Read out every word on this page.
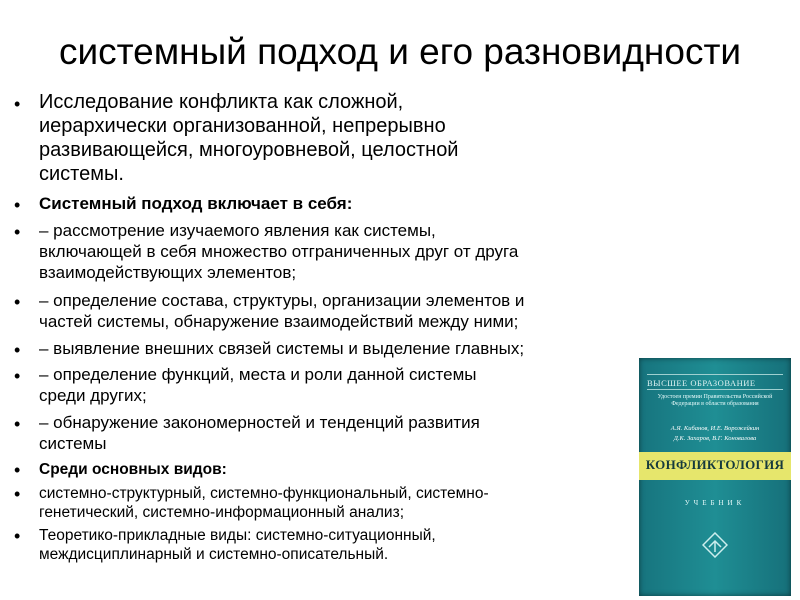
системный подход и его разновидности
• Исследование конфликта как сложной,
иерархически организованной, непрерывно
развивающейся, многоуровневой, целостной
системы.
• Системный подход включает в себя:
• – рассмотрение изучаемого явления как системы,
включающей в себя множество отграниченных друг от друга
взаимодействующих элементов;
• – определение состава, структуры, организации элементов и
частей системы, обнаружение взаимодействий между ними;
• – выявление внешних связей системы и выделение главных;
• – определение функций, места и роли данной системы
среди других;
• – обнаружение закономерностей и тенденций развития
системы
• Среди основных видов:
• системно-структурный, системно-функциональный, системно-
генетический, системно-информационный анализ;
• Теоретико-прикладные виды: системно-ситуационный,
междисциплинарный и системно-описательный.
ВЫСШЕЕ ОБРАЗОВАНИЕ
Удостоен премии Правительства Российской Федерации в области образования
А.Я. Кибанов, И.Е. Ворожейкин
Д.К. Захаров, В.Г. Коновалова
КОНФЛИКТОЛОГИЯ
УЧЕБНИК
